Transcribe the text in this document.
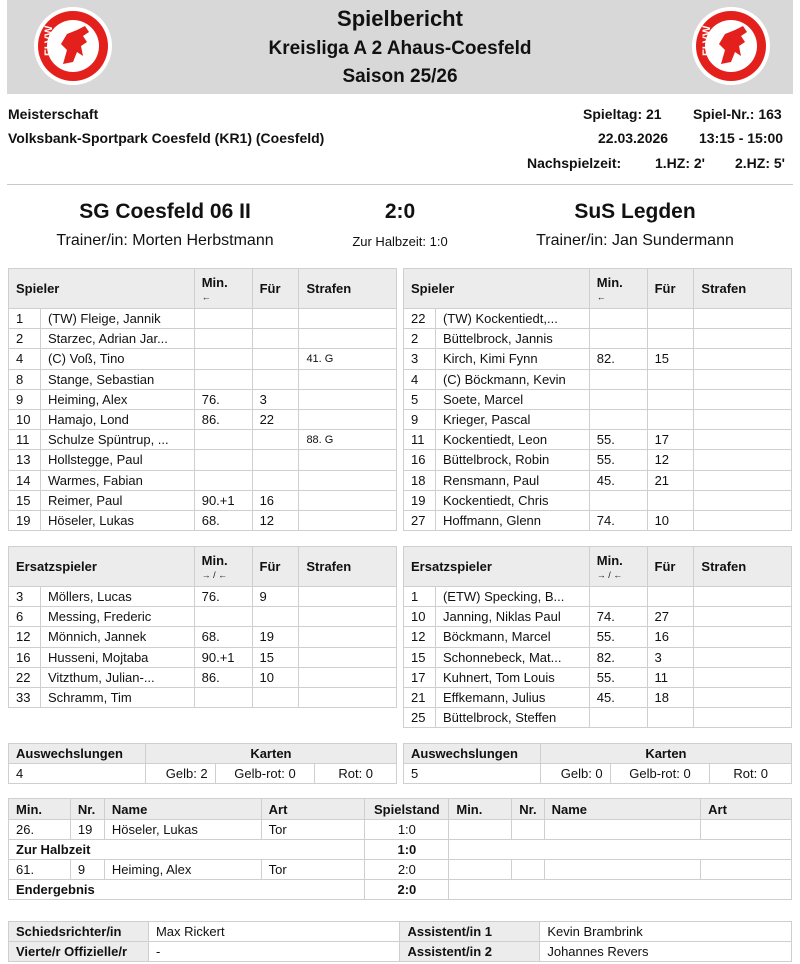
Spielbericht
Kreisliga A 2 Ahaus-Coesfeld
Saison 25/26
FLVW	FLVW
Meisterschaft
Volksbank-Sportpark Coesfeld (KR1) (Coesfeld)
Spieltag: 21 Spiel-Nr.: 163
22.03.2026 13:15 - 15:00
Nachspielzeit: 1.HZ: 2' 2.HZ: 5'
SG Coesfeld 06 II	2:0	SuS Legden
Trainer/in: Morten Herbstmann	Zur Halbzeit: 1:0	Trainer/in: Jan Sundermann
Spieler		Min.
←	Für	Strafen
1	(TW) Fleige, Jannik			
2	Starzec, Adrian Jar...			
4	(C) Voß, Tino			41. G
8	Stange, Sebastian			
9	Heiming, Alex	76.	3	
10	Hamajo, Lond	86.	22	
11	Schulze Spüntrup, ...			88. G
13	Hollstegge, Paul			
14	Warmes, Fabian			
15	Reimer, Paul	90.+1	16	
19	Höseler, Lukas	68.	12	
Spieler		Min.
←	Für	Strafen
22	(TW) Kockentiedt,...			
2	Büttelbrock, Jannis			
3	Kirch, Kimi Fynn	82.	15	
4	(C) Böckmann, Kevin			
5	Soete, Marcel			
9	Krieger, Pascal			
11	Kockentiedt, Leon	55.	17	
16	Büttelbrock, Robin	55.	12	
18	Rensmann, Paul	45.	21	
19	Kockentiedt, Chris			
27	Hoffmann, Glenn	74.	10	
Ersatzspieler		Min.
→ / ←	Für	Strafen
3	Möllers, Lucas	76.	9	
6	Messing, Frederic			
12	Mönnich, Jannek	68.	19	
16	Husseni, Mojtaba	90.+1	15	
22	Vitzthum, Julian-...	86.	10	
33	Schramm, Tim			
Ersatzspieler		Min.
→ / ←	Für	Strafen
1	(ETW) Specking, B...			
10	Janning, Niklas Paul	74.	27	
12	Böckmann, Marcel	55.	16	
15	Schonnebeck, Mat...	82.	3	
17	Kuhnert, Tom Louis	55.	11	
21	Effkemann, Julius	45.	18	
25	Büttelbrock, Steffen			
Auswechslungen	Karten		
4	Gelb: 2	Gelb-rot: 0	Rot: 0
Auswechslungen	Karten		
5	Gelb: 0	Gelb-rot: 0	Rot: 0
Min.	Nr.	Name	Art	Spielstand	Min.	Nr.	Name	Art
26.	19	Höseler, Lukas	Tor	1:0				
Zur Halbzeit				1:0				
61.	9	Heiming, Alex	Tor	2:0				
Endergebnis				2:0				
Schiedsrichter/in	Max Rickert	Assistent/in 1	Kevin Brambrink
Vierte/r Offizielle/r	-	Assistent/in 2	Johannes Revers
